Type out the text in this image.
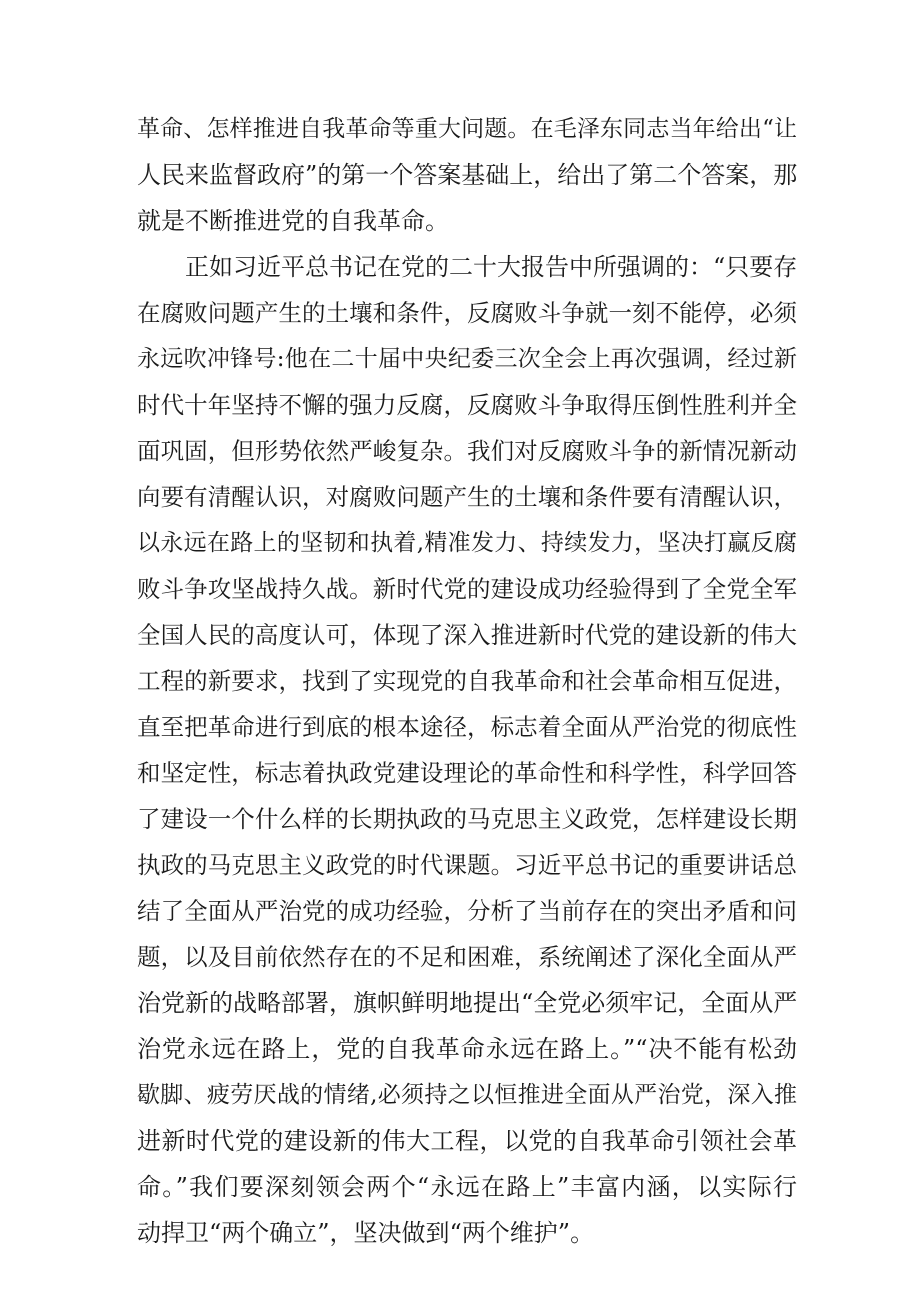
革命、怎样推进自我革命等重大问题。在毛泽东同志当年给出“让
人民来监督政府”的第一个答案基础上，给出了第二个答案，那
就是不断推进党的自我革命。
正如习近平总书记在党的二十大报告中所强调的：“只要存
在腐败问题产生的土壤和条件，反腐败斗争就一刻不能停，必须
永远吹冲锋号:他在二十届中央纪委三次全会上再次强调，经过新
时代十年坚持不懈的强力反腐，反腐败斗争取得压倒性胜利并全
面巩固，但形势依然严峻复杂。我们对反腐败斗争的新情况新动
向要有清醒认识，对腐败问题产生的土壤和条件要有清醒认识，
以永远在路上的坚韧和执着,精准发力、持续发力，坚决打赢反腐
败斗争攻坚战持久战。新时代党的建设成功经验得到了全党全军
全国人民的高度认可，体现了深入推进新时代党的建设新的伟大
工程的新要求，找到了实现党的自我革命和社会革命相互促进，
直至把革命进行到底的根本途径，标志着全面从严治党的彻底性
和坚定性，标志着执政党建设理论的革命性和科学性，科学回答
了建设一个什么样的长期执政的马克思主义政党，怎样建设长期
执政的马克思主义政党的时代课题。习近平总书记的重要讲话总
结了全面从严治党的成功经验，分析了当前存在的突出矛盾和问
题，以及目前依然存在的不足和困难，系统阐述了深化全面从严
治党新的战略部署，旗帜鲜明地提出“全党必须牢记，全面从严
治党永远在路上，党的自我革命永远在路上。”“决不能有松劲
歇脚、疲劳厌战的情绪,必须持之以恒推进全面从严治党，深入推
进新时代党的建设新的伟大工程，以党的自我革命引领社会革
命。”我们要深刻领会两个“永远在路上”丰富内涵，以实际行
动捍卫“两个确立”，坚决做到“两个维护”。
